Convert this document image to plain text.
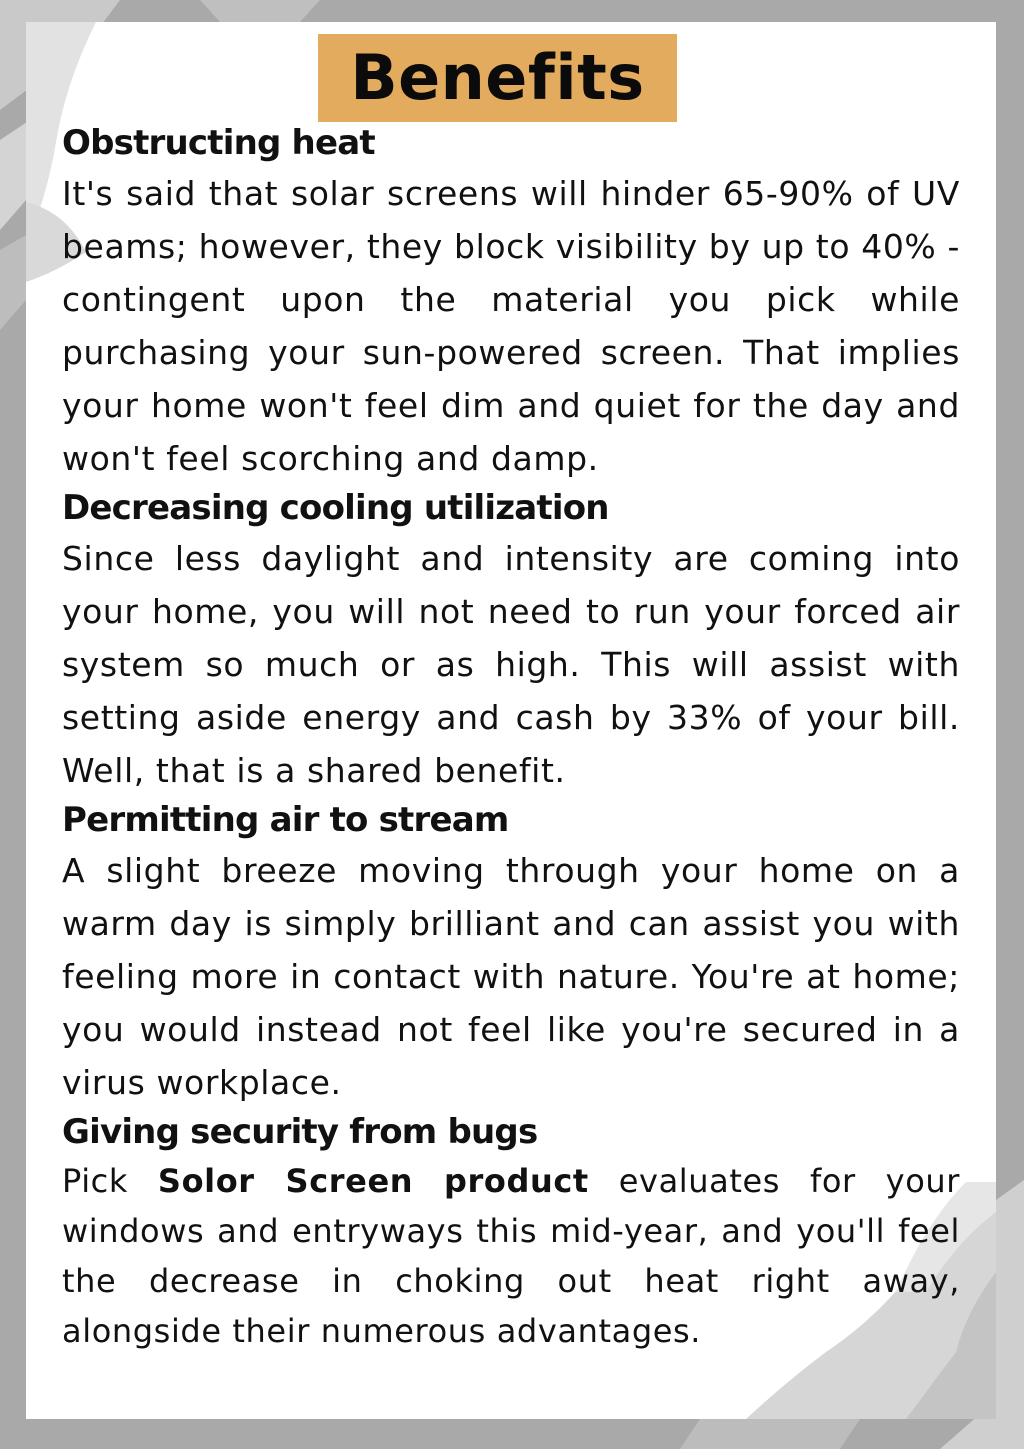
Benefits
Obstructing heat

It's said that solar screens will hinder 65-90% of UV beams; however, they block visibility by up to 40% - contingent upon the material you pick while purchasing your sun-powered screen. That implies your home won't feel dim and quiet for the day and won't feel scorching and damp.

Decreasing cooling utilization

Since less daylight and intensity are coming into your home, you will not need to run your forced air system so much or as high. This will assist with setting aside energy and cash by 33% of your bill. Well, that is a shared benefit.

Permitting air to stream

A slight breeze moving through your home on a warm day is simply brilliant and can assist you with feeling more in contact with nature. You're at home; you would instead not feel like you're secured in a virus workplace.

Giving security from bugs

Pick Solor Screen product evaluates for your windows and entryways this mid-year, and you'll feel the decrease in choking out heat right away, alongside their numerous advantages.
